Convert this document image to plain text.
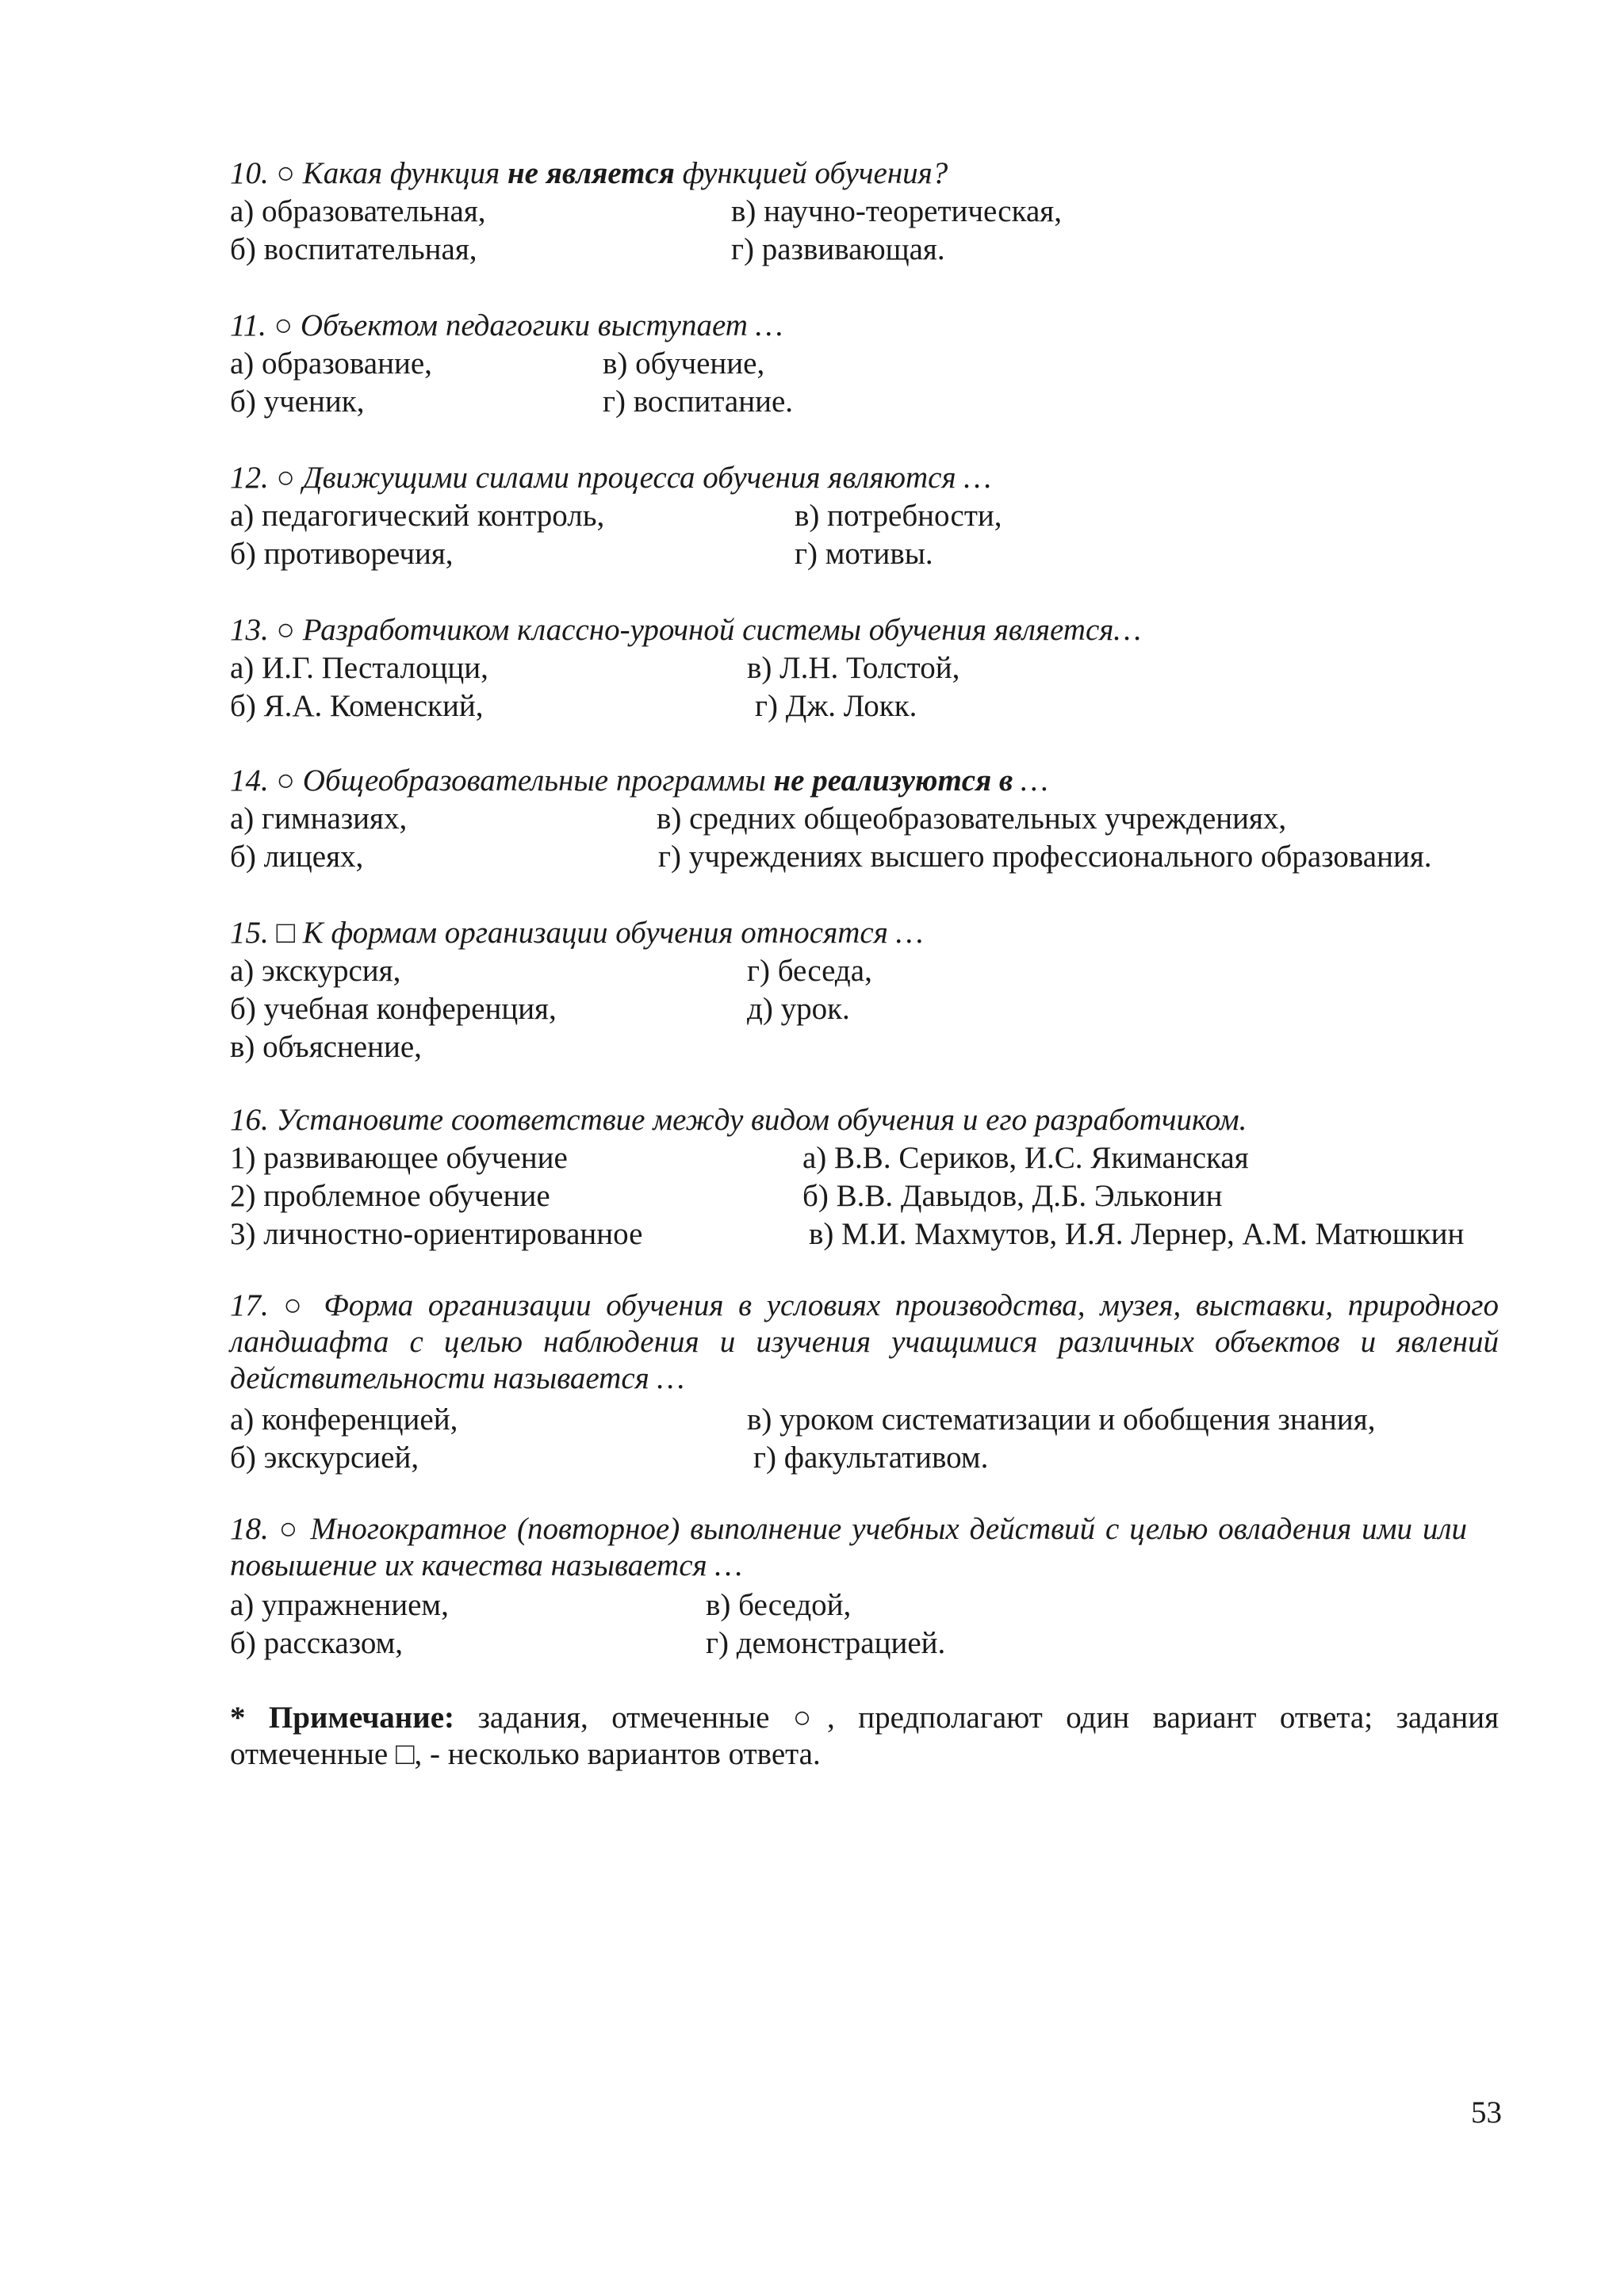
10. ○ Какая функция не является функцией обучения?
а) образовательная,	в) научно-теоретическая,
б) воспитательная,	г) развивающая.
11. ○ Объектом педагогики выступает …
а) образование,	в) обучение,
б) ученик,	г) воспитание.
12. ○ Движущими силами процесса обучения являются …
а) педагогический контроль,	в) потребности,
б) противоречия,	г) мотивы.
13. ○ Разработчиком классно-урочной системы обучения является…
а) И.Г. Песталоцци,	в) Л.Н. Толстой,
б) Я.А. Коменский,	г) Дж. Локк.
14. ○ Общеобразовательные программы не реализуются в …
а) гимназиях,	в) средних общеобразовательных учреждениях,
б) лицеях,	г) учреждениях высшего профессионального образования.
15. □ К формам организации обучения относятся …
а) экскурсия,	г) беседа,
б) учебная конференция,	д) урок.
в) объяснение,
16. Установите соответствие между видом обучения и его разработчиком.
1) развивающее обучение	а) В.В. Сериков, И.С. Якиманская
2) проблемное обучение	б) В.В. Давыдов, Д.Б. Эльконин
3) личностно-ориентированное	в) М.И. Махмутов, И.Я. Лернер, А.М. Матюшкин
17. ○ Форма организации обучения в условиях производства, музея, выставки, природного ландшафта с целью наблюдения и изучения учащимися различных объектов и явлений действительности называется …
а) конференцией,	в) уроком систематизации и обобщения знания,
б) экскурсией,	г) факультативом.
18. ○ Многократное (повторное) выполнение учебных действий с целью овладения ими или повышение их качества называется …
а) упражнением,	в) беседой,
б) рассказом,	г) демонстрацией.
* Примечание: задания, отмеченные ○, предполагают один вариант ответа; задания отмеченные □, - несколько вариантов ответа.
53
